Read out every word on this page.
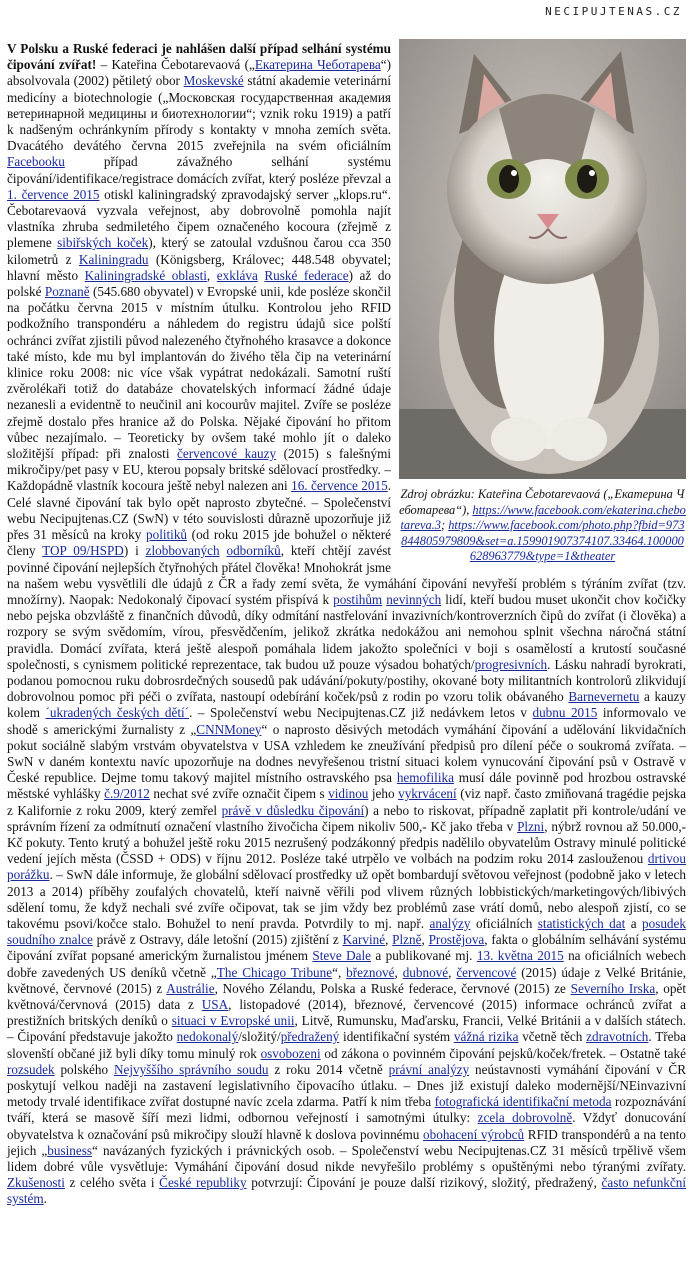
NECIPUJTENAS.CZ
Zdroj obrázku: Kateřina Čebotarevaová („Екатерина Чеботарева“), https://www.facebook.com/ekaterina.chebotareva.3; https://www.facebook.com/photo.php?fbid=973844805979809&set=a.159901907374107.33464.100000628963779&type=1&theater
V Polsku a Ruské federaci je nahlášen další případ selhání systému čipování zvířat! – Kateřina Čebotarevaová („Екатерина Чеботарева“) absolvovala (2002) pětiletý obor Moskevské státní akademie veterinární medicíny a biotechnologie („Московская государственная академия ветеринарной медицины и биотехнологии“; vznik roku 1919) a patří k nadšeným ochránkyním přírody s kontakty v mnoha zemích světa. Dvacátého devátého června 2015 zveřejnila na svém oficiálním Facebooku případ závažného selhání systému čipování/identifikace/registrace domácích zvířat, který posléze převzal a 1. července 2015 otiskl kaliningradský zpravodajský server „klops.ru“. Čebotarevaová vyzvala veřejnost, aby dobrovolně pomohla najít vlastníka zhruba sedmiletého čipem označeného kocoura (zřejmě z plemene sibiřských koček), který se zatoulal vzdušnou čarou cca 350 kilometrů z Kaliningradu (Königsberg, Královec; 448.548 obyvatel; hlavní město Kaliningradské oblasti, exkláva Ruské federace) až do polské Poznaně (545.680 obyvatel) v Evropské unii, kde posléze skončil na počátku června 2015 v místním útulku. Kontrolou jeho RFID podkožního transpondéru a náhledem do registru údajů sice polští ochránci zvířat zjistili původ nalezeného čtyřnohého krasavce a dokonce také místo, kde mu byl implantován do živého těla čip na veterinární klinice roku 2008: nic více však vypátrat nedokázali. Samotní ruští zvěrolékaři totiž do databáze chovatelských informací žádné údaje nezanesli a evidentně to neučinil ani kocourův majitel. Zvíře se posléze zřejmě dostalo přes hranice až do Polska. Nějaké čipování ho přitom vůbec nezajímalo. – Teoreticky by ovšem také mohlo jít o daleko složitější případ: při znalosti červencové kauzy (2015) s falešnými mikročipy/pet pasy v EU, kterou popsaly britské sdělovací prostředky. – Každopádně vlastník kocoura ještě nebyl nalezen ani 16. července 2015. Celé slavné čipování tak bylo opět naprosto zbytečné. – Společenství webu Necipujtenas.CZ (SwN) v této souvislosti důrazně upozorňuje již přes 31 měsíců na kroky politiků (od roku 2015 jde bohužel o některé členy TOP 09/HSPD) i zlobbovaných odborníků, kteří chtějí zavést povinné čipování nejlepších čtyřnohých přátel člověka! Mnohokrát jsme na našem webu vysvětlili dle údajů z ČR a řady zemí světa, že vymáhání čipování nevyřeší problém s týráním zvířat (tzv. množírny). Naopak: Nedokonalý čipovací systém přispívá k postihům nevinných lidí, kteří budou muset ukončit chov kočičky nebo pejska obzvláště z finančních důvodů, díky odmítání nastřelování invazivních/kontroverzních čipů do zvířat (i člověka) a rozpory se svým svědomím, vírou, přesvědčením, jelikož zkrátka nedokážou ani nemohou splnit všechna náročná státní pravidla. Domácí zvířata, která ještě alespoň pomáhala lidem jakožto společníci v boji s osamělostí a krutostí současné společnosti, s cynismem politické reprezentace, tak budou už pouze výsadou bohatých/progresivních. Lásku nahradí byrokrati, podanou pomocnou ruku dobrosrdečných sousedů pak udávání/pokuty/postihy, okované boty militantních kontrolorů zlikvidují dobrovolnou pomoc při péči o zvířata, nastoupí odebírání koček/psů z rodin po vzoru tolik obávaného Barnevernetu a kauzy kolem ´ukradených českých dětí´. – Společenství webu Necipujtenas.CZ již nedávkem letos v dubnu 2015 informovalo ve shodě s americkými žurnalisty z „CNNMoney“ o naprosto děsivých metodách vymáhání čipování a udělování likvidačních pokut sociálně slabým vrstvám obyvatelstva v USA vzhledem ke zneužívání předpisů pro dílení péče o soukromá zvířata. – SwN v daném kontextu navíc upozorňuje na dodnes nevyřešenou tristní situaci kolem vynucování čipování psů v Ostravě v České republice. Dejme tomu takový majitel místního ostravského psa hemofilika musí dále povinně pod hrozbou ostravské městské vyhlášky č.9/2012 nechat své zvíře označit čipem s vidinou jeho vykrvácení (viz např. často zmiňovaná tragédie pejska z Kalifornie z roku 2009, který zemřel právě v důsledku čipování) a nebo to riskovat, případně zaplatit při kontrole/udání ve správním řízení za odmítnutí označení vlastního živočicha čipem nikoliv 500,- Kč jako třeba v Plzni, nýbrž rovnou až 50.000,- Kč pokuty. Tento krutý a bohužel ještě roku 2015 nezrušený podzákonný předpis nadělilo obyvatelům Ostravy minulé politické vedení jejích města (ČSSD + ODS) v říjnu 2012. Posléze také utrpělo ve volbách na podzim roku 2014 zaslouženou drtivou porážku. – SwN dále informuje, že globální sdělovací prostředky už opět bombardují světovou veřejnost (podobně jako v letech 2013 a 2014) příběhy zoufalých chovatelů, kteří naivně věřili pod vlivem různých lobbistických/marketingových/libivých sdělení tomu, že když nechali své zvíře očipovat, tak se jim vždy bez problémů zase vrátí domů, nebo alespoň zjistí, co se takovému psovi/kočce stalo. Bohužel to není pravda. Potvrdily to mj. např. analýzy oficiálních statistických dat a posudek soudního znalce právě z Ostravy, dále letošní (2015) zjištění z Karviné, Plzně, Prostějova, fakta o globálním selhávání systému čipování zvířat popsané americkým žurnalistou jménem Steve Dale a publikované mj. 13. května 2015 na oficiálních webech dobře zavedených US deníků včetně „The Chicago Tribune“, březnové, dubnové, červencové (2015) údaje z Velké Británie, květnové, červnové (2015) z Austrálie, Nového Zélandu, Polska a Ruské federace, červnové (2015) ze Severního Irska, opět květnová/červnová (2015) data z USA, listopadové (2014), březnové, červencové (2015) informace ochránců zvířat a prestižních britských deníků o situaci v Evropské unii, Litvě, Rumunsku, Maďarsku, Francii, Velké Británii a v dalších státech. – Čipování představuje jakožto nedokonalý/složitý/předražený identifikační systém vážná rizika včetně těch zdravotních. Třeba slovenští občané již byli díky tomu minulý rok osvobozeni od zákona o povinném čipování pejsků/koček/fretek. – Ostatně také rozsudek polského Nejvyššího správního soudu z roku 2014 včetně právní analýzy neústavnosti vymáhání čipování v ČR poskytují velkou naději na zastavení legislativního čipovacího útlaku. – Dnes již existují daleko modernější/NEinvazivní metody trvalé identifikace zvířat dostupné navíc zcela zdarma. Patří k nim třeba fotografická identifikační metoda rozpoznávání tváří, která se masově šíří mezi lidmi, odbornou veřejností i samotnými útulky: zcela dobrovolně. Vždyť donucování obyvatelstva k označování psů mikročipy slouží hlavně k doslova povinnému obohacení výrobců RFID transpondérů a na tento jejich „business“ navázaných fyzických i právnických osob. – Společenství webu Necipujtenas.CZ 31 měsíců trpělivě všem lidem dobré vůle vysvětluje: Vymáhání čipování dosud nikde nevyřešilo problémy s opuštěnými nebo týranými zvířaty. Zkušenosti z celého světa i České republiky potvrzují: Čipování je pouze další rizikový, složitý, předražený, často nefunkční systém.
